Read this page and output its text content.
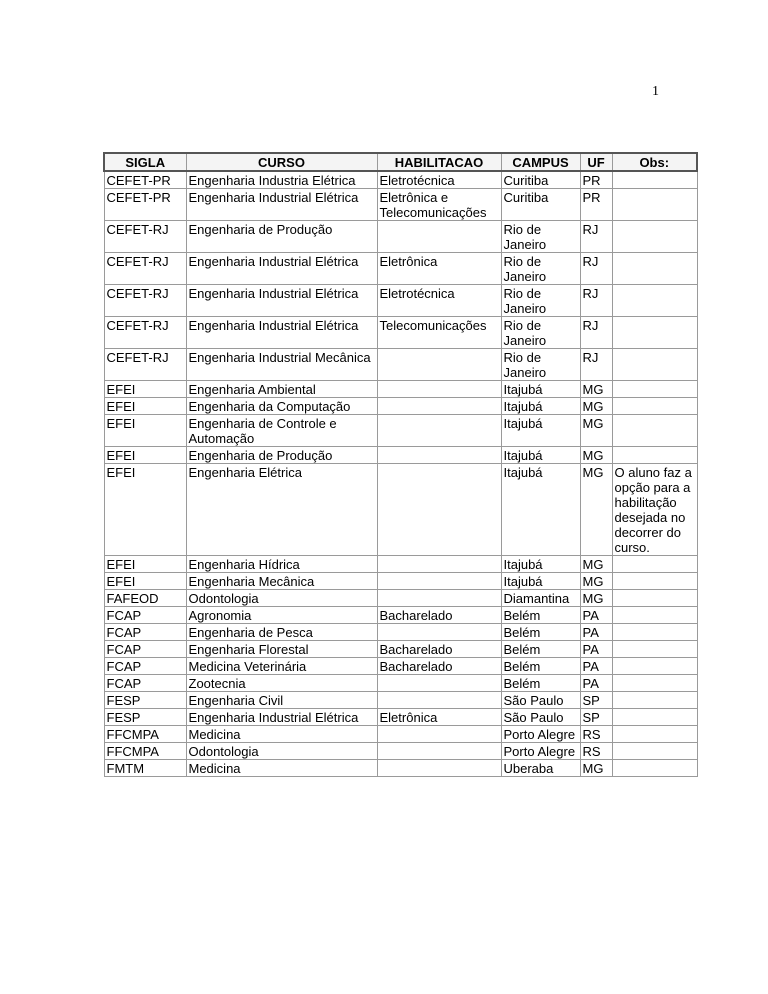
1
SIGLA	CURSO	HABILITACAO	CAMPUS	UF	Obs:
CEFET-PR	Engenharia Industria Elétrica	Eletrotécnica	Curitiba	PR	
CEFET-PR	Engenharia Industrial Elétrica	Eletrônica e Telecomunicações	Curitiba	PR	
CEFET-RJ	Engenharia de Produção		Rio de Janeiro	RJ	
CEFET-RJ	Engenharia Industrial Elétrica	Eletrônica	Rio de Janeiro	RJ	
CEFET-RJ	Engenharia Industrial Elétrica	Eletrotécnica	Rio de Janeiro	RJ	
CEFET-RJ	Engenharia Industrial Elétrica	Telecomunicações	Rio de Janeiro	RJ	
CEFET-RJ	Engenharia Industrial Mecânica		Rio de Janeiro	RJ	
EFEI	Engenharia Ambiental		Itajubá	MG	
EFEI	Engenharia da Computação		Itajubá	MG	
EFEI	Engenharia de Controle e Automação		Itajubá	MG	
EFEI	Engenharia de Produção		Itajubá	MG	
EFEI	Engenharia Elétrica		Itajubá	MG	O aluno faz a opção para a habilitação desejada no decorrer do curso.
EFEI	Engenharia Hídrica		Itajubá	MG	
EFEI	Engenharia Mecânica		Itajubá	MG	
FAFEOD	Odontologia		Diamantina	MG	
FCAP	Agronomia	Bacharelado	Belém	PA	
FCAP	Engenharia de Pesca		Belém	PA	
FCAP	Engenharia Florestal	Bacharelado	Belém	PA	
FCAP	Medicina Veterinária	Bacharelado	Belém	PA	
FCAP	Zootecnia		Belém	PA	
FESP	Engenharia Civil		São Paulo	SP	
FESP	Engenharia Industrial Elétrica	Eletrônica	São Paulo	SP	
FFCMPA	Medicina		Porto Alegre	RS	
FFCMPA	Odontologia		Porto Alegre	RS	
FMTM	Medicina		Uberaba	MG	
